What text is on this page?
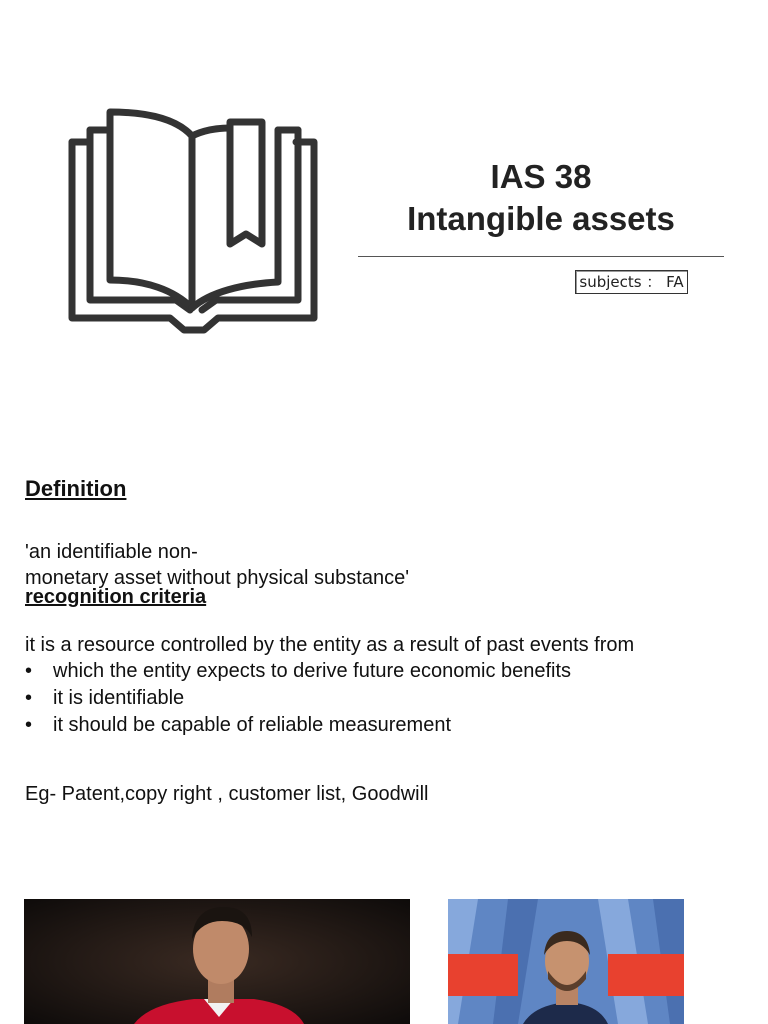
IAS 38
Intangible assets
subjects ： FA
Definition
'an identifiable non-
monetary asset without physical substance'
recognition criteria
it is a resource controlled by the entity as a result of past events from
• which the entity expects to derive future economic benefits
• it is identifiable
• it should be capable of reliable measurement
Eg- Patent,copy right , customer list, Goodwill
